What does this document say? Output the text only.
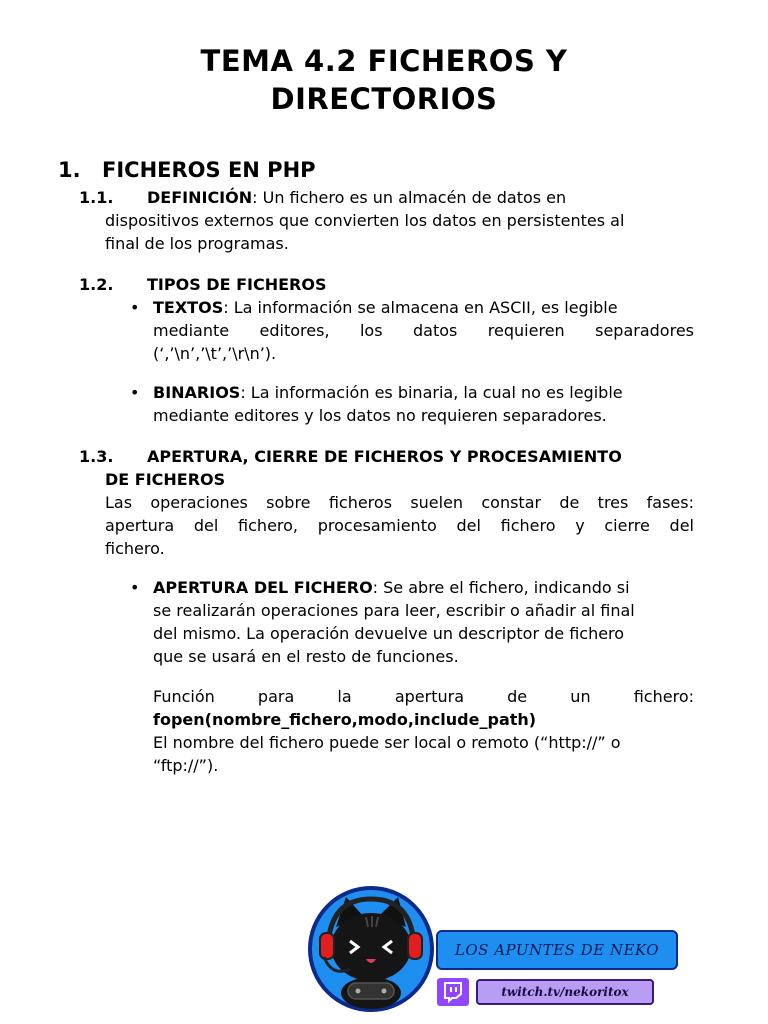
TEMA 4.2 FICHEROS Y
DIRECTORIOS
1. FICHEROS EN PHP
1.1. DEFINICIÓN: Un fichero es un almacén de datos en
dispositivos externos que convierten los datos en persistentes al
final de los programas.
1.2. TIPOS DE FICHEROS
• TEXTOS: La información se almacena en ASCII, es legible
mediante editores, los datos requieren separadores
(‘,’\n’,’\t’,’\r\n’).
• BINARIOS: La información es binaria, la cual no es legible
mediante editores y los datos no requieren separadores.
1.3. APERTURA, CIERRE DE FICHEROS Y PROCESAMIENTO
DE FICHEROS
Las operaciones sobre ficheros suelen constar de tres fases:
apertura del fichero, procesamiento del fichero y cierre del
fichero.
• APERTURA DEL FICHERO: Se abre el fichero, indicando si
se realizarán operaciones para leer, escribir o añadir al final
del mismo. La operación devuelve un descriptor de fichero
que se usará en el resto de funciones.
Función para la apertura de un fichero:
fopen(nombre_fichero,modo,include_path)
El nombre del fichero puede ser local o remoto (“http://” o
“ftp://”).
LOS APUNTES DE NEKO
twitch.tv/nekoritox
